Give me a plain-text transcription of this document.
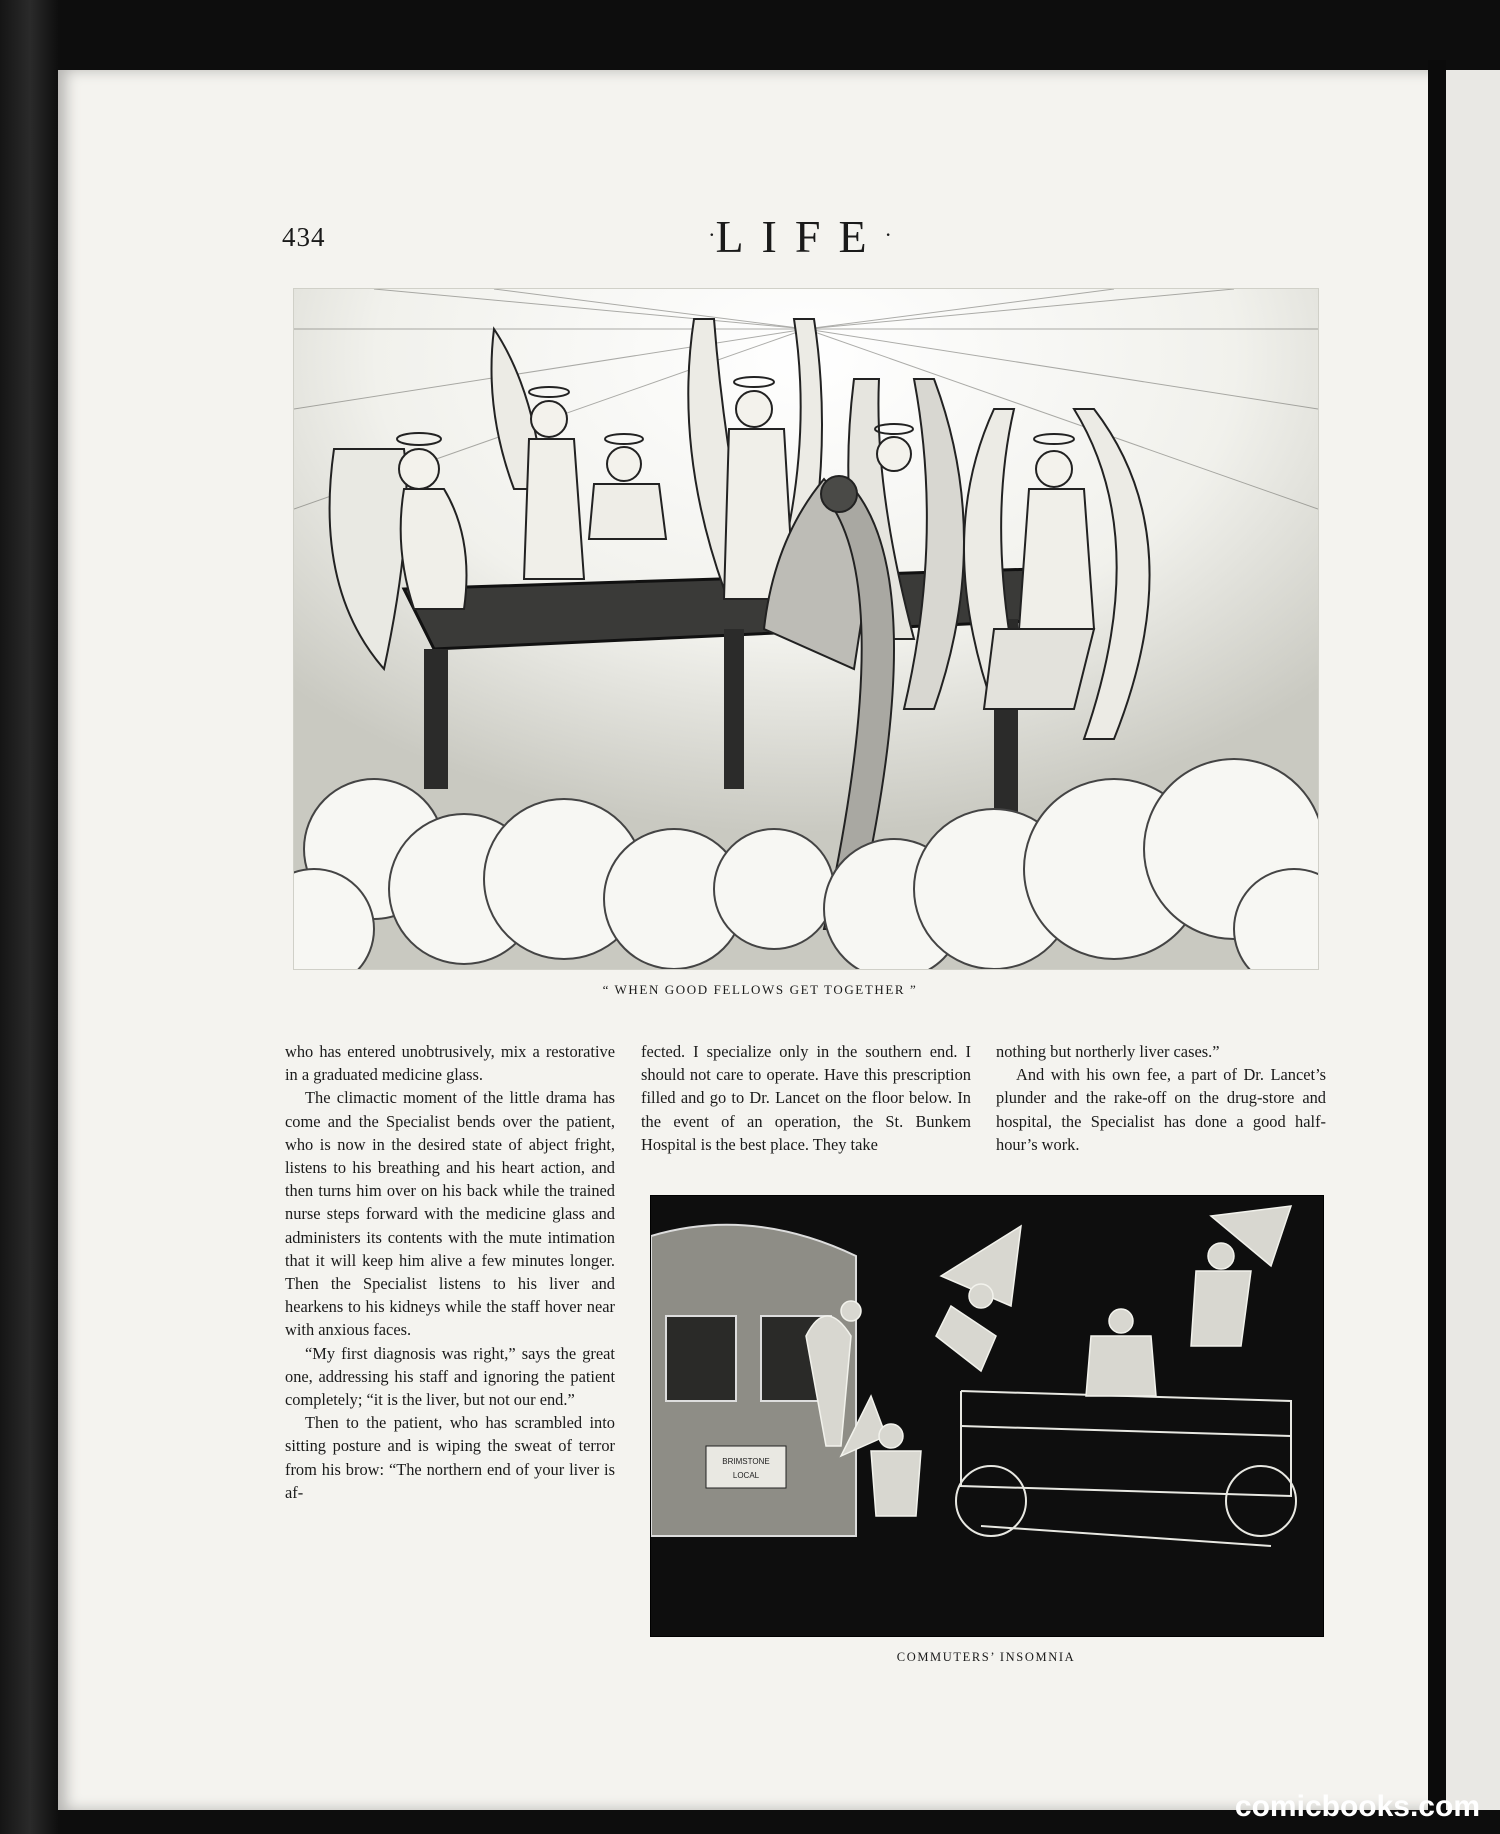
434	·LIFE·
“ WHEN GOOD FELLOWS GET TOGETHER ”

who has entered unobtrusively, mix a restorative in a graduated medicine glass.

The climactic moment of the little drama has come and the Specialist bends over the patient, who is now in the desired state of abject fright, listens to his breathing and his heart action, and then turns him over on his back while the trained nurse steps forward with the medicine glass and administers its contents with the mute intimation that it will keep him alive a few minutes longer. Then the Specialist listens to his liver and hearkens to his kidneys while the staff hover near with anxious faces.

“My first diagnosis was right,” says the great one, addressing his staff and ignoring the patient completely; “it is the liver, but not our end.”

Then to the patient, who has scrambled into sitting posture and is wiping the sweat of terror from his brow: “The northern end of your liver is af-

fected. I specialize only in the southern end. I should not care to operate. Have this prescription filled and go to Dr. Lancet on the floor below. In the event of an operation, the St. Bunkem Hospital is the best place. They take

nothing but northerly liver cases.”

And with his own fee, a part of Dr. Lancet’s plunder and the rake-off on the drug-store and hospital, the Specialist has done a good half-hour’s work.

BRIMSTONE
LOCAL
COMMUTERS’ INSOMNIA
comicbooks.com
